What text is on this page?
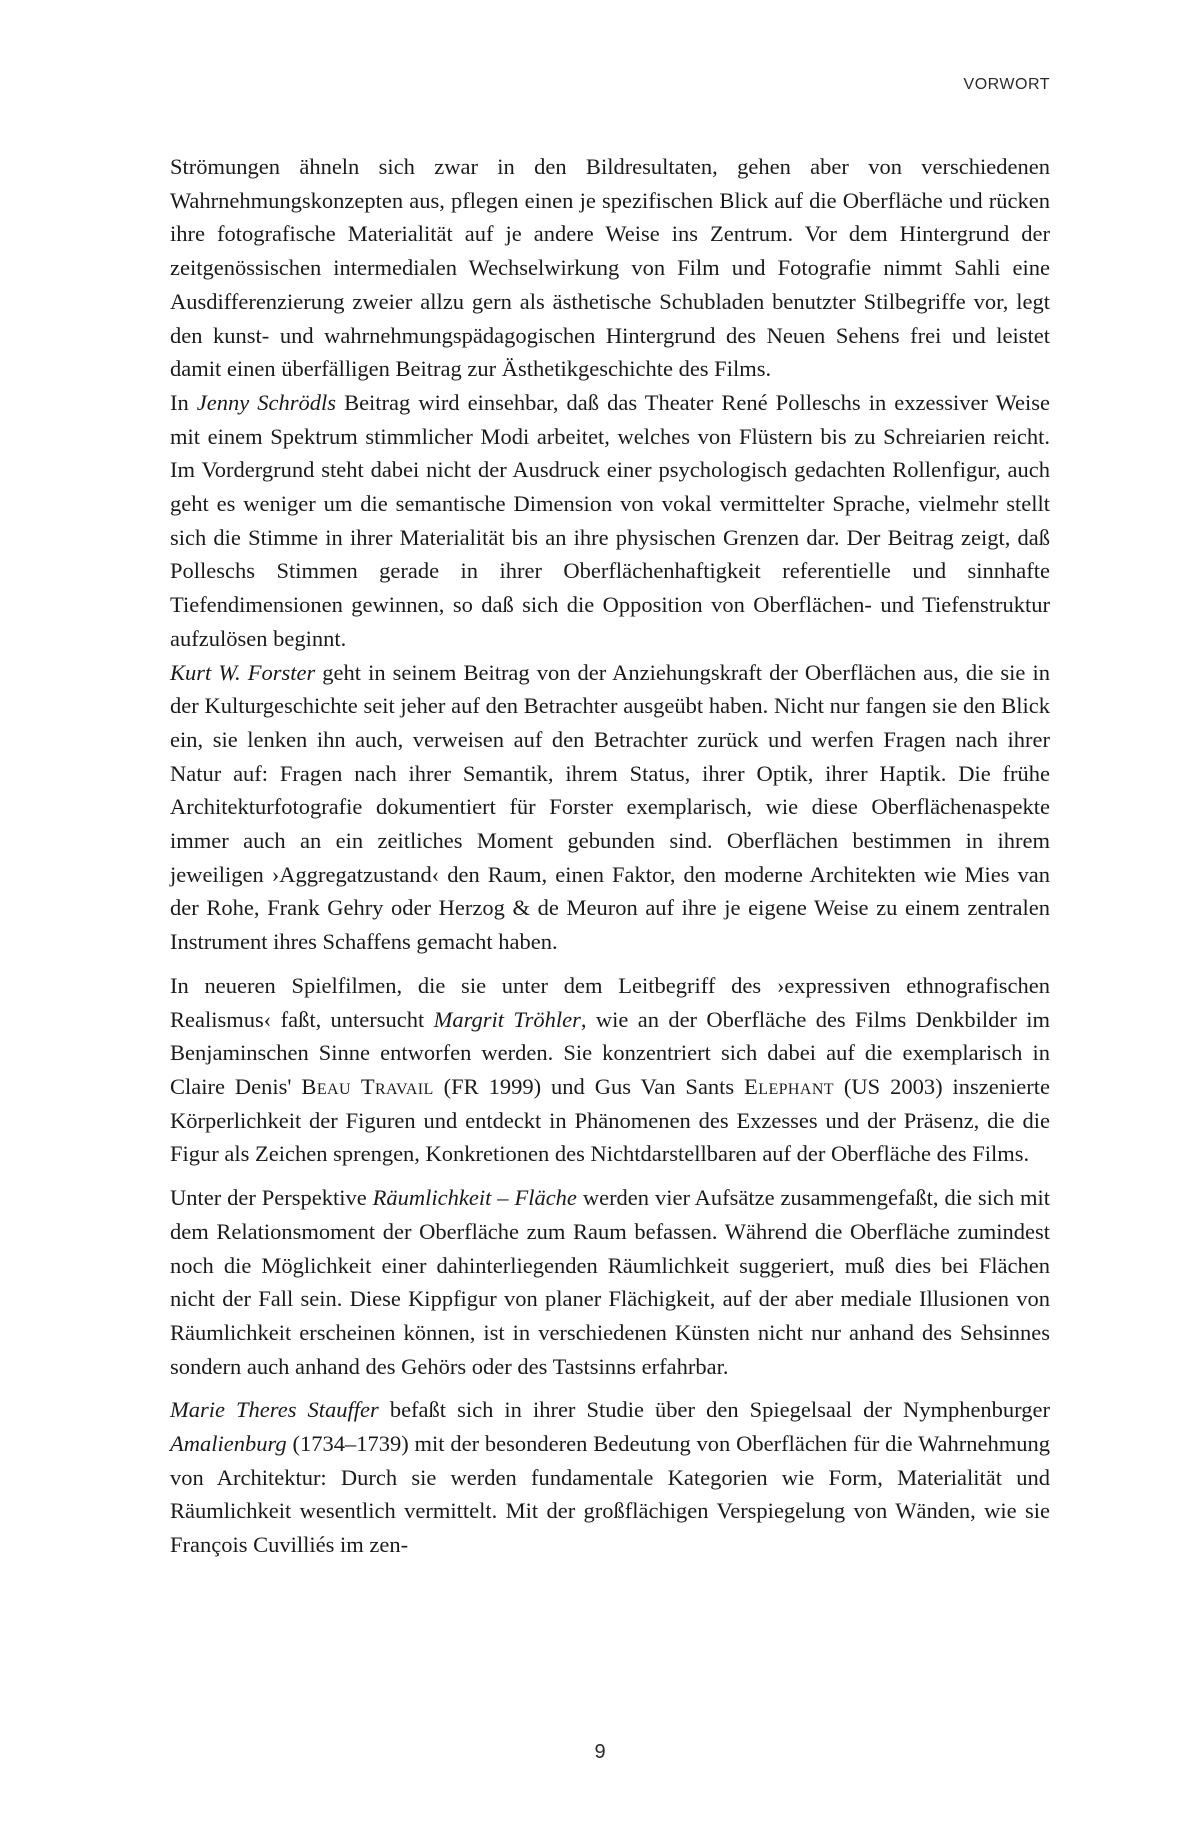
VORWORT

Strömungen ähneln sich zwar in den Bildresultaten, gehen aber von verschiedenen Wahrnehmungskonzepten aus, pflegen einen je spezifischen Blick auf die Oberfläche und rücken ihre fotografische Materialität auf je andere Weise ins Zentrum. Vor dem Hintergrund der zeitgenössischen intermedialen Wechselwirkung von Film und Fotografie nimmt Sahli eine Ausdifferenzierung zweier allzu gern als ästhetische Schubladen benutzter Stilbegriffe vor, legt den kunst- und wahrnehmungspädagogischen Hintergrund des Neuen Sehens frei und leistet damit einen überfälligen Beitrag zur Ästhetikgeschichte des Films.

In Jenny Schrödls Beitrag wird einsehbar, daß das Theater René Polleschs in exzessiver Weise mit einem Spektrum stimmlicher Modi arbeitet, welches von Flüstern bis zu Schreiarien reicht. Im Vordergrund steht dabei nicht der Ausdruck einer psychologisch gedachten Rollenfigur, auch geht es weniger um die semantische Dimension von vokal vermittelter Sprache, vielmehr stellt sich die Stimme in ihrer Materialität bis an ihre physischen Grenzen dar. Der Beitrag zeigt, daß Polleschs Stimmen gerade in ihrer Oberflächenhaftigkeit referentielle und sinnhafte Tiefendimensionen gewinnen, so daß sich die Opposition von Oberflächen- und Tiefenstruktur aufzulösen beginnt.

Kurt W. Forster geht in seinem Beitrag von der Anziehungskraft der Oberflächen aus, die sie in der Kulturgeschichte seit jeher auf den Betrachter ausgeübt haben. Nicht nur fangen sie den Blick ein, sie lenken ihn auch, verweisen auf den Betrachter zurück und werfen Fragen nach ihrer Natur auf: Fragen nach ihrer Semantik, ihrem Status, ihrer Optik, ihrer Haptik. Die frühe Architekturfotografie dokumentiert für Forster exemplarisch, wie diese Oberflächenaspekte immer auch an ein zeitliches Moment gebunden sind. Oberflächen bestimmen in ihrem jeweiligen ›Aggregatzustand‹ den Raum, einen Faktor, den moderne Architekten wie Mies van der Rohe, Frank Gehry oder Herzog & de Meuron auf ihre je eigene Weise zu einem zentralen Instrument ihres Schaffens gemacht haben.

In neueren Spielfilmen, die sie unter dem Leitbegriff des ›expressiven ethnografischen Realismus‹ faßt, untersucht Margrit Tröhler, wie an der Oberfläche des Films Denkbilder im Benjaminschen Sinne entworfen werden. Sie konzentriert sich dabei auf die exemplarisch in Claire Denis' Beau Travail (FR 1999) und Gus Van Sants Elephant (US 2003) inszenierte Körperlichkeit der Figuren und entdeckt in Phänomenen des Exzesses und der Präsenz, die die Figur als Zeichen sprengen, Konkretionen des Nichtdarstellbaren auf der Oberfläche des Films.

Unter der Perspektive Räumlichkeit – Fläche werden vier Aufsätze zusammengefaßt, die sich mit dem Relationsmoment der Oberfläche zum Raum befassen. Während die Oberfläche zumindest noch die Möglichkeit einer dahinterliegenden Räumlichkeit suggeriert, muß dies bei Flächen nicht der Fall sein. Diese Kippfigur von planer Flächigkeit, auf der aber mediale Illusionen von Räumlichkeit erscheinen können, ist in verschiedenen Künsten nicht nur anhand des Sehsinnes sondern auch anhand des Gehörs oder des Tastsinns erfahrbar.

Marie Theres Stauffer befaßt sich in ihrer Studie über den Spiegelsaal der Nymphenburger Amalienburg (1734–1739) mit der besonderen Bedeutung von Oberflächen für die Wahrnehmung von Architektur: Durch sie werden fundamentale Kategorien wie Form, Materialität und Räumlichkeit wesentlich vermittelt. Mit der großflächigen Verspiegelung von Wänden, wie sie François Cuvilliés im zen-

9
